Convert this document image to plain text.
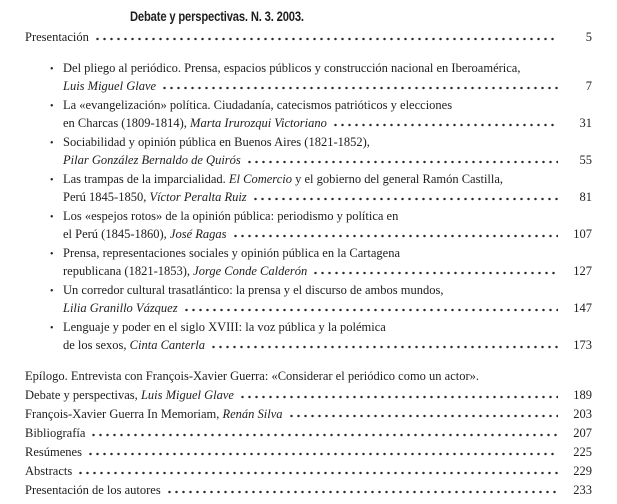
Debate y perspectivas. N. 3. 2003.
Presentación	5
• Del pliego al periódico. Prensa, espacios públicos y construcción nacional en Iberoamérica,
Luis Miguel Glave	7
• La «evangelización» política. Ciudadanía, catecismos patrióticos y elecciones
en Charcas (1809-1814), Marta Irurozqui Victoriano	31
• Sociabilidad y opinión pública en Buenos Aires (1821-1852),
Pilar González Bernaldo de Quirós	55
• Las trampas de la imparcialidad. El Comercio y el gobierno del general Ramón Castilla,
Perú 1845-1850, Víctor Peralta Ruiz	81
• Los «espejos rotos» de la opinión pública: periodismo y política en
el Perú (1845-1860), José Ragas	107
• Prensa, representaciones sociales y opinión pública en la Cartagena
republicana (1821-1853), Jorge Conde Calderón	127
• Un corredor cultural trasatlántico: la prensa y el discurso de ambos mundos,
Lilia Granillo Vázquez	147
• Lenguaje y poder en el siglo XVIII: la voz pública y la polémica
de los sexos, Cinta Canterla	173
Epílogo. Entrevista con François-Xavier Guerra: «Considerar el periódico como un actor».
Debate y perspectivas, Luis Miguel Glave	189
François-Xavier Guerra In Memoriam, Renán Silva	203
Bibliografía	207
Resúmenes	225
Abstracts	229
Presentación de los autores	233
